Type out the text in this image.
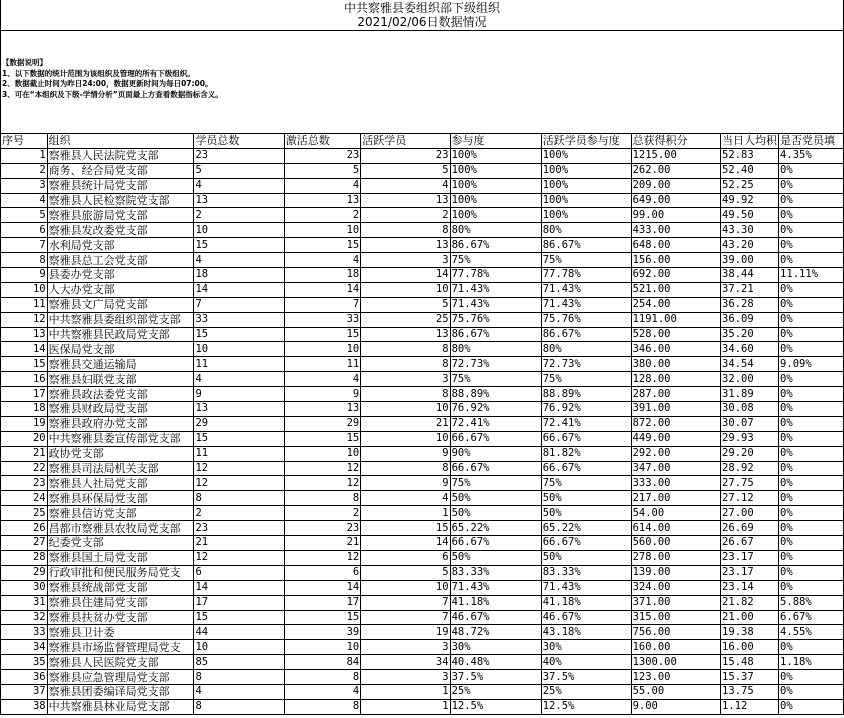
中共察雅县委组织部下级组织
2021/02/06日数据情况
【数据说明】
1、以下数据的统计范围为该组织及管理的所有下级组织。
2、数据截止时间为昨日24:00，数据更新时间为每日07:00。
3、可在“本组织及下级-学情分析”页面最上方查看数据指标含义。
序号	组织	学员总数	激活总数	活跃学员	参与度	活跃学员参与度	总获得积分	当日人均积	是否党员填
1	察雅县人民法院党支部	23	23	23	100%	100%	1215.00	52.83	4.35%
2	商务、经合局党支部	5	5	5	100%	100%	262.00	52.40	0%
3	察雅县统计局党支部	4	4	4	100%	100%	209.00	52.25	0%
4	察雅县人民检察院党支部	13	13	13	100%	100%	649.00	49.92	0%
5	察雅县旅游局党支部	2	2	2	100%	100%	99.00	49.50	0%
6	察雅县发改委党支部	10	10	8	80%	80%	433.00	43.30	0%
7	水利局党支部	15	15	13	86.67%	86.67%	648.00	43.20	0%
8	察雅县总工会党支部	4	4	3	75%	75%	156.00	39.00	0%
9	县委办党支部	18	18	14	77.78%	77.78%	692.00	38.44	11.11%
10	人大办党支部	14	14	10	71.43%	71.43%	521.00	37.21	0%
11	察雅县文广局党支部	7	7	5	71.43%	71.43%	254.00	36.28	0%
12	中共察雅县委组织部党支部	33	33	25	75.76%	75.76%	1191.00	36.09	0%
13	中共察雅县民政局党支部	15	15	13	86.67%	86.67%	528.00	35.20	0%
14	医保局党支部	10	10	8	80%	80%	346.00	34.60	0%
15	察雅县交通运输局	11	11	8	72.73%	72.73%	380.00	34.54	9.09%
16	察雅县妇联党支部	4	4	3	75%	75%	128.00	32.00	0%
17	察雅县政法委党支部	9	9	8	88.89%	88.89%	287.00	31.89	0%
18	察雅县财政局党支部	13	13	10	76.92%	76.92%	391.00	30.08	0%
19	察雅县政府办党支部	29	29	21	72.41%	72.41%	872.00	30.07	0%
20	中共察雅县委宣传部党支部	15	15	10	66.67%	66.67%	449.00	29.93	0%
21	政协党支部	11	10	9	90%	81.82%	292.00	29.20	0%
22	察雅县司法局机关支部	12	12	8	66.67%	66.67%	347.00	28.92	0%
23	察雅县人社局党支部	12	12	9	75%	75%	333.00	27.75	0%
24	察雅县环保局党支部	8	8	4	50%	50%	217.00	27.12	0%
25	察雅县信访党支部	2	2	1	50%	50%	54.00	27.00	0%
26	昌都市察雅县农牧局党支部	23	23	15	65.22%	65.22%	614.00	26.69	0%
27	纪委党支部	21	21	14	66.67%	66.67%	560.00	26.67	0%
28	察雅县国土局党支部	12	12	6	50%	50%	278.00	23.17	0%
29	行政审批和便民服务局党支	6	6	5	83.33%	83.33%	139.00	23.17	0%
30	察雅县统战部党支部	14	14	10	71.43%	71.43%	324.00	23.14	0%
31	察雅县住建局党支部	17	17	7	41.18%	41.18%	371.00	21.82	5.88%
32	察雅县扶贫办党支部	15	15	7	46.67%	46.67%	315.00	21.00	6.67%
33	察雅县卫计委	44	39	19	48.72%	43.18%	756.00	19.38	4.55%
34	察雅县市场监督管理局党支	10	10	3	30%	30%	160.00	16.00	0%
35	察雅县人民医院党支部	85	84	34	40.48%	40%	1300.00	15.48	1.18%
36	察雅县应急管理局党支部	8	8	3	37.5%	37.5%	123.00	15.37	0%
37	察雅县团委编译局党支部	4	4	1	25%	25%	55.00	13.75	0%
38	中共察雅县林业局党支部	8	8	1	12.5%	12.5%	9.00	1.12	0%
